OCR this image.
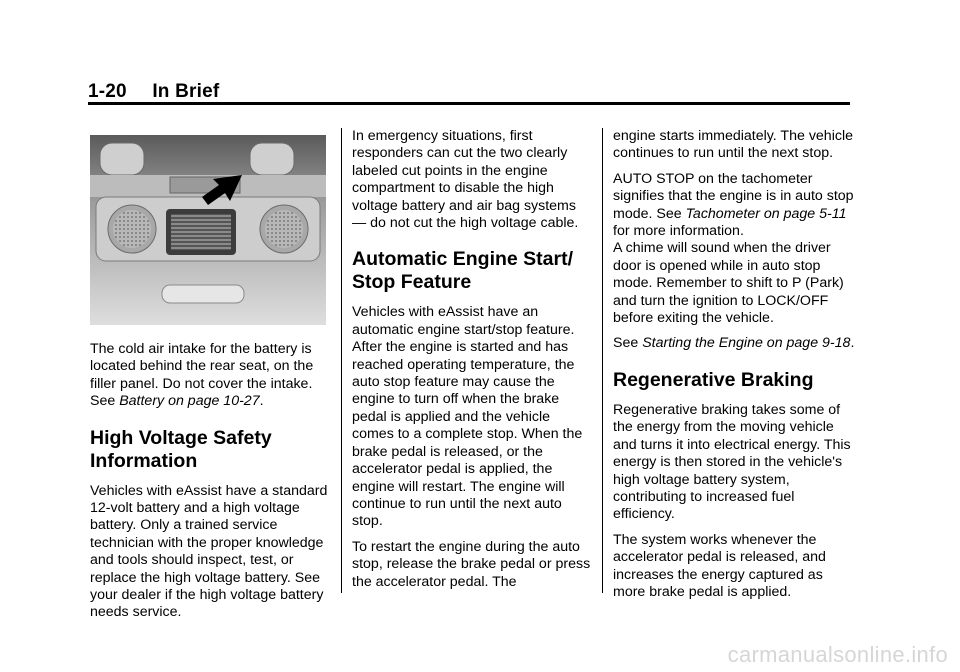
1-20 In Brief

The cold air intake for the battery is located behind the rear seat, on the filler panel. Do not cover the intake. See Battery on page 10-27.

High Voltage Safety Information

Vehicles with eAssist have a standard 12-volt battery and a high voltage battery. Only a trained service technician with the proper knowledge and tools should inspect, test, or replace the high voltage battery. See your dealer if the high voltage battery needs service.

In emergency situations, first responders can cut the two clearly labeled cut points in the engine compartment to disable the high voltage battery and air bag systems — do not cut the high voltage cable.

Automatic Engine Start/ Stop Feature

Vehicles with eAssist have an automatic engine start/stop feature. After the engine is started and has reached operating temperature, the auto stop feature may cause the engine to turn off when the brake pedal is applied and the vehicle comes to a complete stop. When the brake pedal is released, or the accelerator pedal is applied, the engine will restart. The engine will continue to run until the next auto stop.

To restart the engine during the auto stop, release the brake pedal or press the accelerator pedal. The

engine starts immediately. The vehicle continues to run until the next stop.

AUTO STOP on the tachometer signifies that the engine is in auto stop mode. See Tachometer on page 5-11 for more information.
A chime will sound when the driver door is opened while in auto stop mode. Remember to shift to P (Park) and turn the ignition to LOCK/OFF before exiting the vehicle.

See Starting the Engine on page 9-18.

Regenerative Braking

Regenerative braking takes some of the energy from the moving vehicle and turns it into electrical energy. This energy is then stored in the vehicle's high voltage battery system, contributing to increased fuel efficiency.

The system works whenever the accelerator pedal is released, and increases the energy captured as more brake pedal is applied.

carmanualsonline.info
